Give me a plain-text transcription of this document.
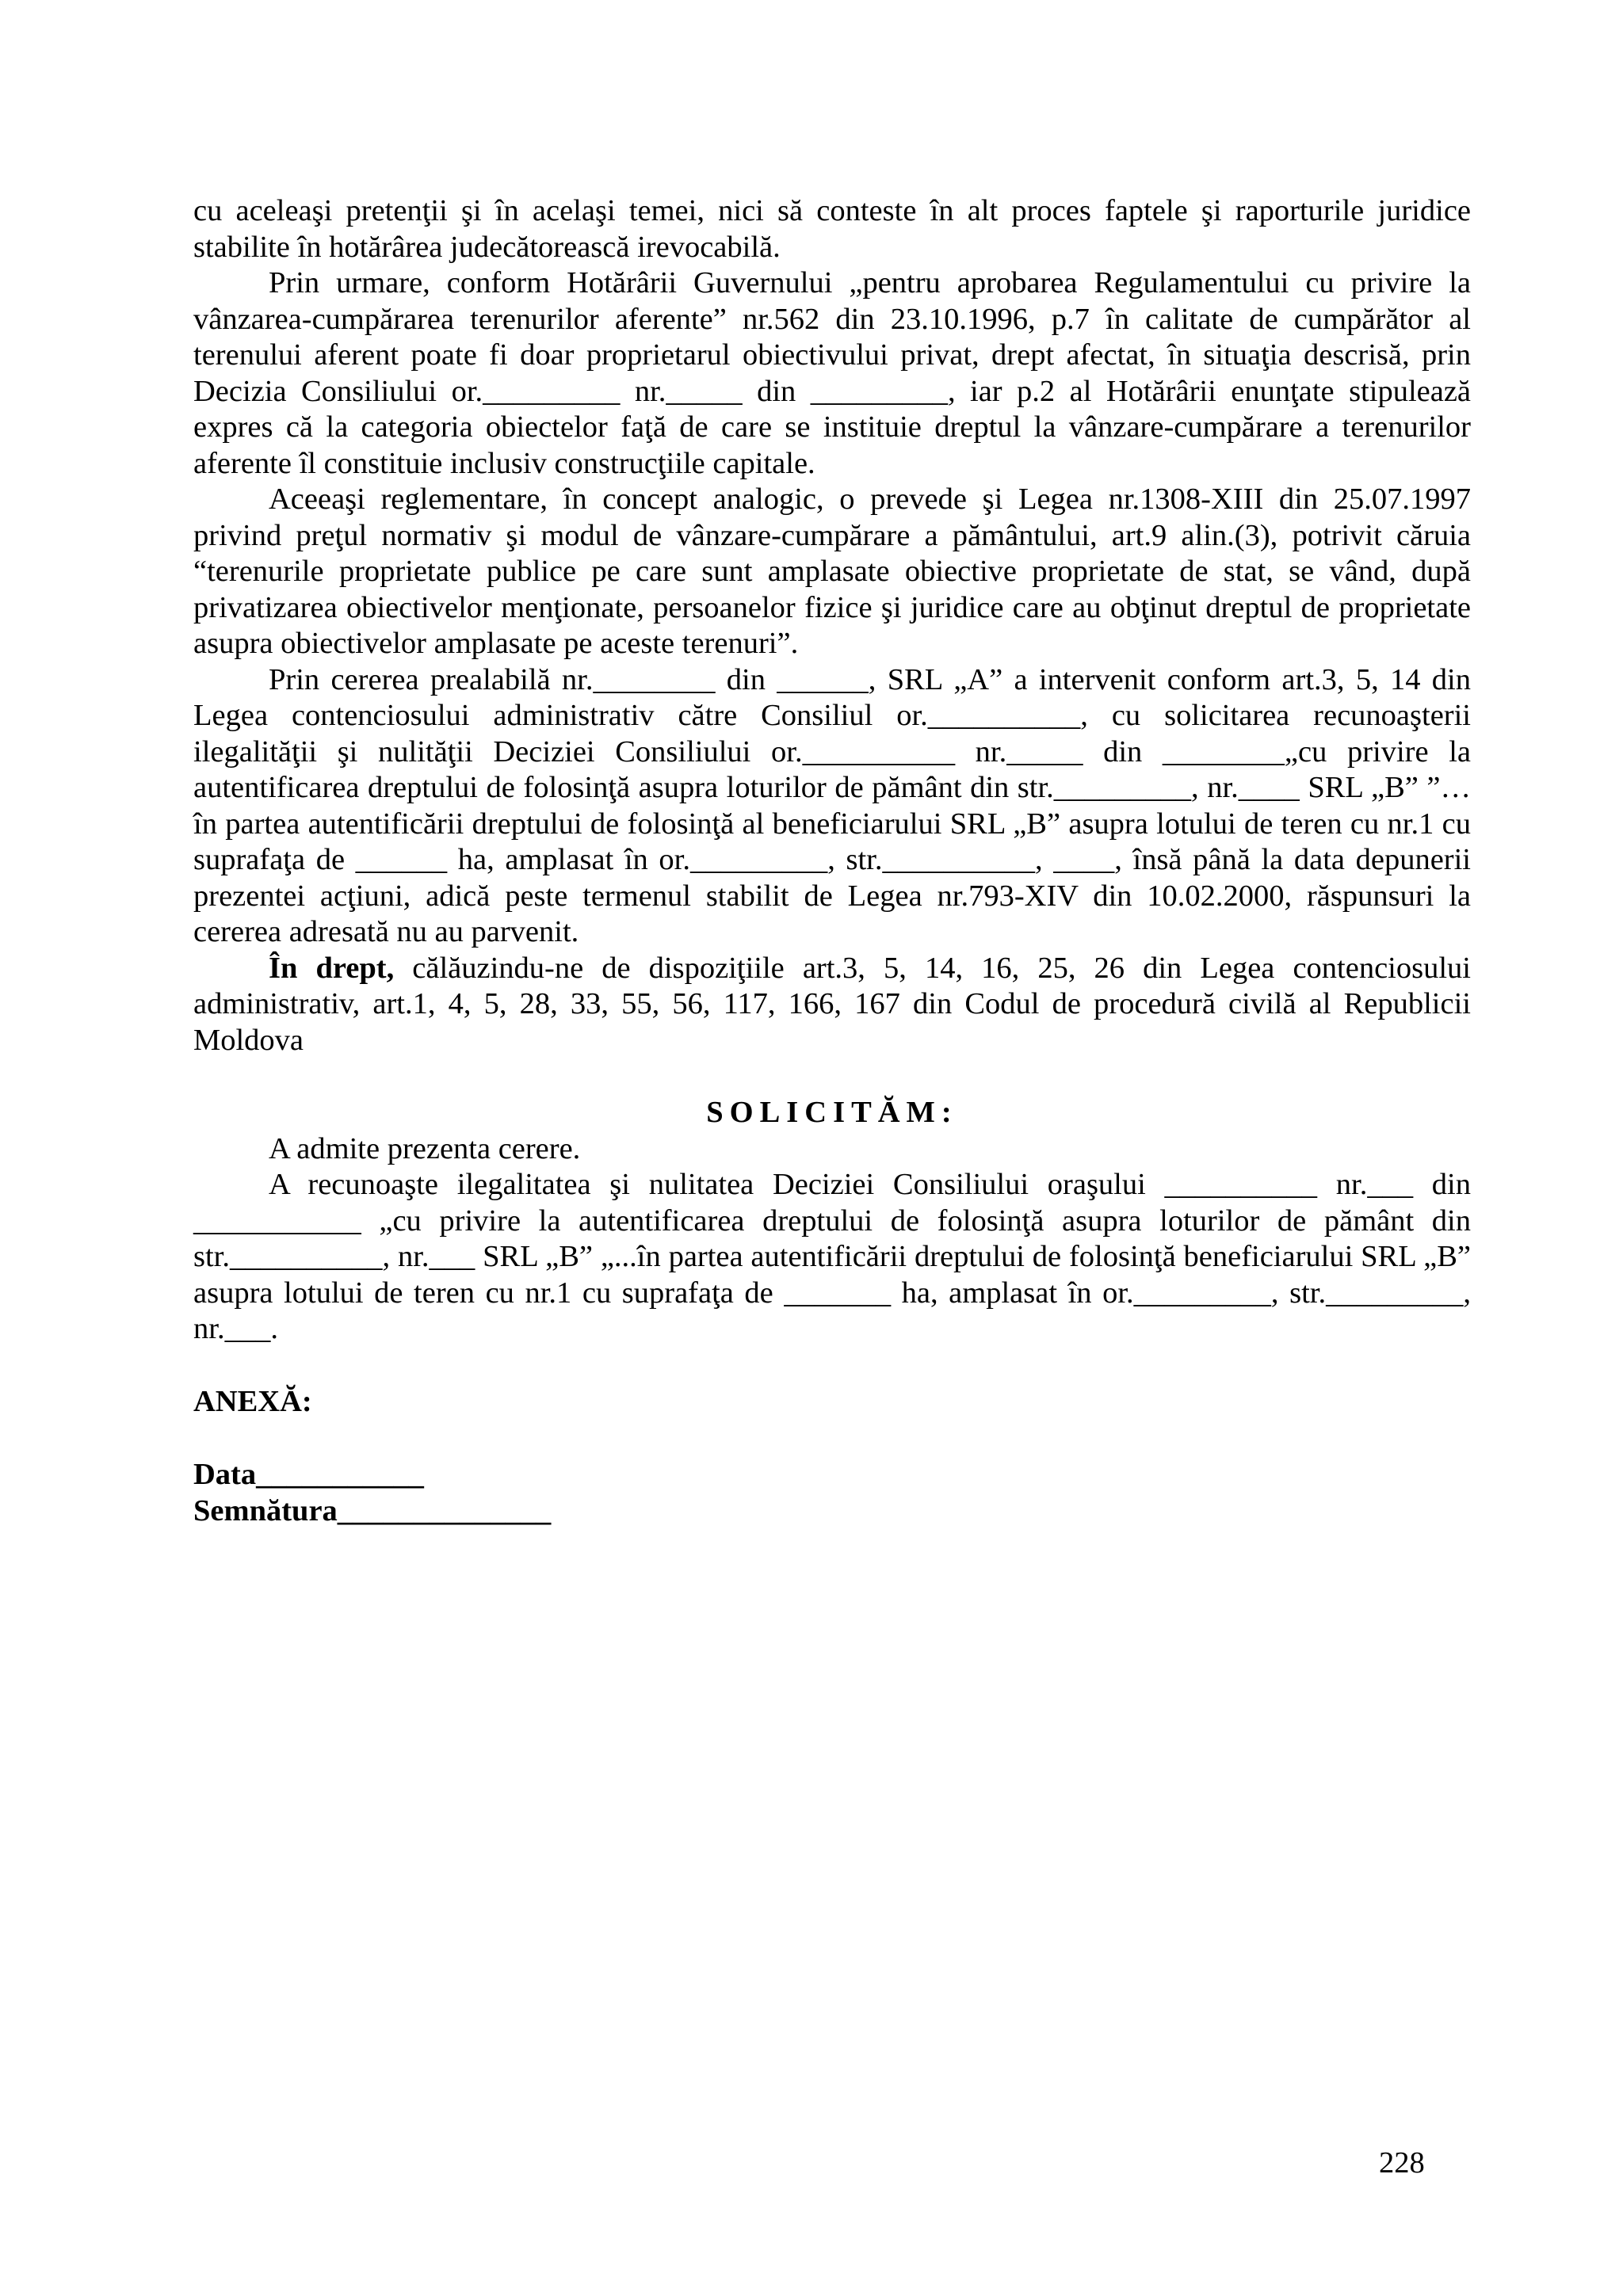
cu aceleaşi pretenţii şi în acelaşi temei, nici să conteste în alt proces faptele şi raporturile juridice stabilite în hotărârea judecătorească irevocabilă.

Prin urmare, conform Hotărârii Guvernului „pentru aprobarea Regulamentului cu privire la vânzarea-cumpărarea terenurilor aferente” nr.562 din 23.10.1996, p.7 în calitate de cumpărător al terenului aferent poate fi doar proprietarul obiectivului privat, drept afectat, în situaţia descrisă, prin Decizia Consiliului or._________ nr._____ din _________, iar p.2 al Hotărârii enunţate stipulează expres că la categoria obiectelor faţă de care se instituie dreptul la vânzare-cumpărare a terenurilor aferente îl constituie inclusiv construcţiile capitale.

Aceeaşi reglementare, în concept analogic, o prevede şi Legea nr.1308-XIII din 25.07.1997 privind preţul normativ şi modul de vânzare-cumpărare a pământului, art.9 alin.(3), potrivit căruia “terenurile proprietate publice pe care sunt amplasate obiective proprietate de stat, se vând, după privatizarea obiectivelor menţionate, persoanelor fizice şi juridice care au obţinut dreptul de proprietate asupra obiectivelor amplasate pe aceste terenuri”.

Prin cererea prealabilă nr.________ din ______, SRL „A” a intervenit conform art.3, 5, 14 din Legea contenciosului administrativ către Consiliul or.__________, cu solicitarea recunoaşterii ilegalităţii şi nulităţii Deciziei Consiliului or.__________ nr._____ din ________„cu privire la autentificarea dreptului de folosinţă asupra loturilor de pământ din str._________, nr.____ SRL „B” ”… în partea autentificării dreptului de folosinţă al beneficiarului SRL „B” asupra lotului de teren cu nr.1 cu suprafaţa de ______ ha, amplasat în or._________, str.__________, ____, însă până la data depunerii prezentei acţiuni, adică peste termenul stabilit de Legea nr.793-XIV din 10.02.2000, răspunsuri la cererea adresată nu au parvenit.

În drept, călăuzindu-ne de dispoziţiile art.3, 5, 14, 16, 25, 26 din Legea contenciosului administrativ, art.1, 4, 5, 28, 33, 55, 56, 117, 166, 167 din Codul de procedură civilă al Republicii Moldova

SOLICITĂM:

A admite prezenta cerere.

A recunoaşte ilegalitatea şi nulitatea Deciziei Consiliului oraşului __________ nr.___ din ___________ „cu privire la autentificarea dreptului de folosinţă asupra loturilor de pământ din str.__________, nr.___ SRL „B” „...în partea autentificării dreptului de folosinţă beneficiarului SRL „B” asupra lotului de teren cu nr.1 cu suprafaţa de _______ ha, amplasat în or._________, str._________, nr.___.

ANEXĂ:

Data___________
Semnătura______________
228
